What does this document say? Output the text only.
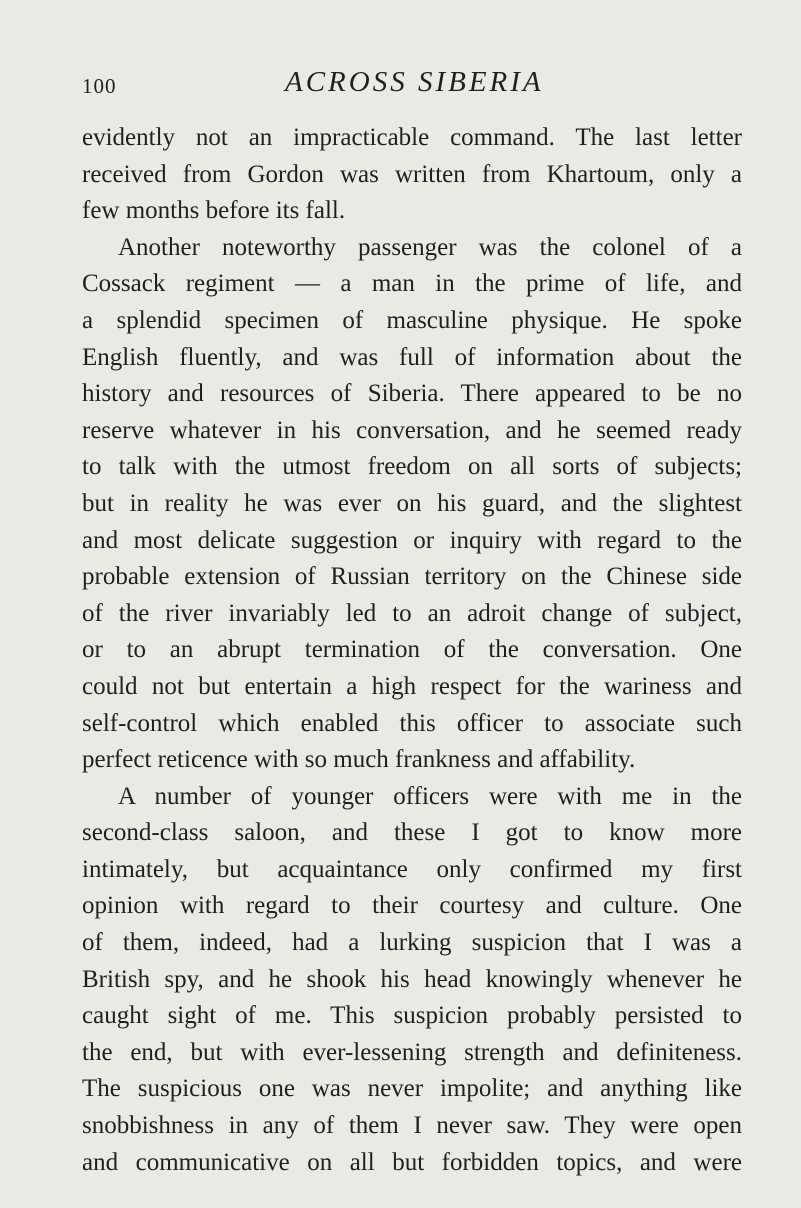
100	ACROSS SIBERIA
evidently not an impracticable command. The last letter
received from Gordon was written from Khartoum, only a
few months before its fall.
Another noteworthy passenger was the colonel of a
Cossack regiment — a man in the prime of life, and
a splendid specimen of masculine physique. He spoke
English fluently, and was full of information about the
history and resources of Siberia. There appeared to be no
reserve whatever in his conversation, and he seemed ready
to talk with the utmost freedom on all sorts of subjects;
but in reality he was ever on his guard, and the slightest
and most delicate suggestion or inquiry with regard to the
probable extension of Russian territory on the Chinese side
of the river invariably led to an adroit change of subject,
or to an abrupt termination of the conversation. One
could not but entertain a high respect for the wariness and
self-control which enabled this officer to associate such
perfect reticence with so much frankness and affability.
A number of younger officers were with me in the
second-class saloon, and these I got to know more
intimately, but acquaintance only confirmed my first
opinion with regard to their courtesy and culture. One
of them, indeed, had a lurking suspicion that I was a
British spy, and he shook his head knowingly whenever he
caught sight of me. This suspicion probably persisted to
the end, but with ever-lessening strength and definiteness.
The suspicious one was never impolite; and anything like
snobbishness in any of them I never saw. They were open
and communicative on all but forbidden topics, and were
